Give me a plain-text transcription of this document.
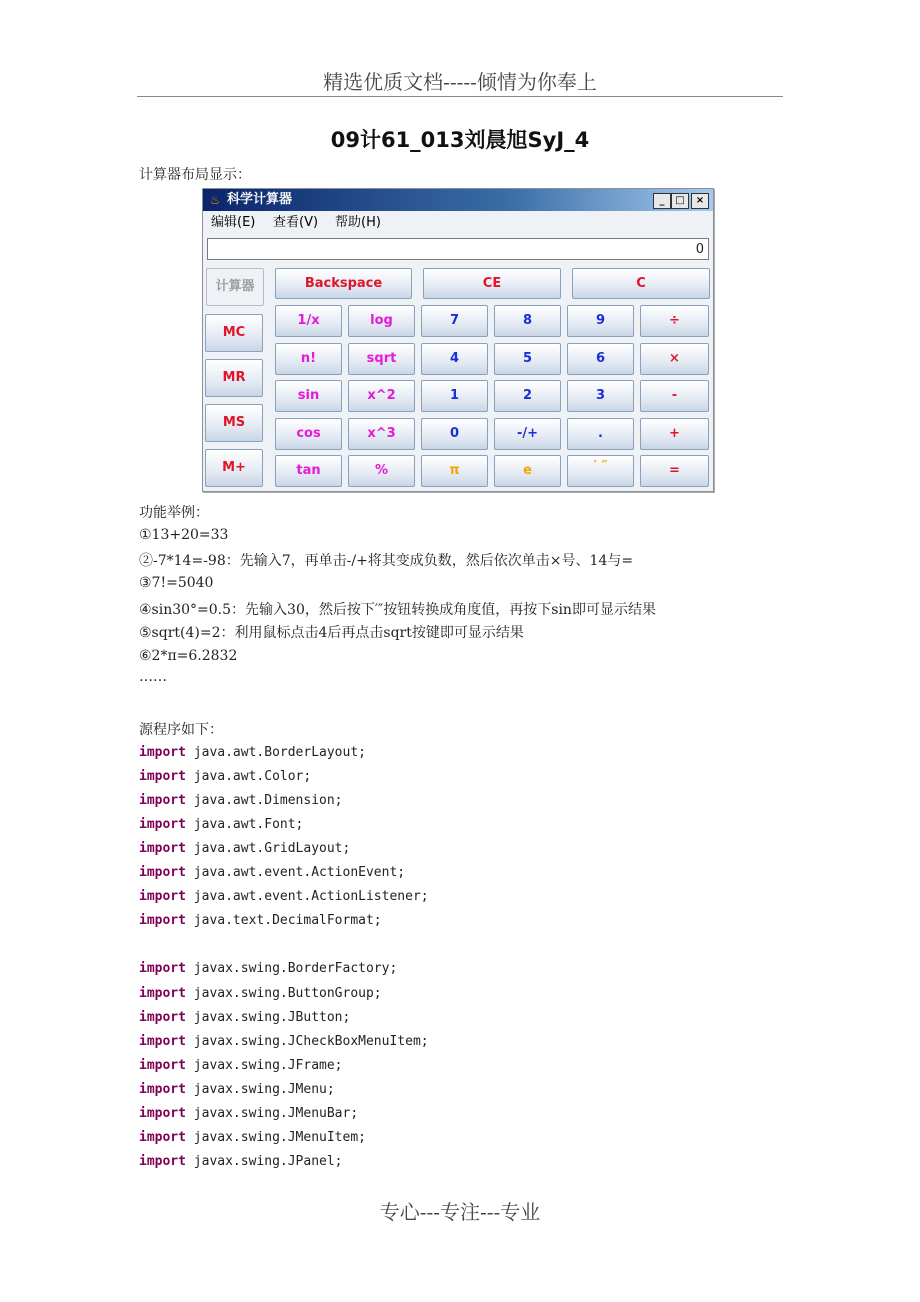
精选优质文档-----倾情为你奉上
09计61_013刘晨旭SyJ_4
计算器布局显示：
♨ 科学计算器	_	□	×
编辑(E) 查看(V) 帮助(H)
0
计算器
MC
MR
MS
M+
Backspace	CE	C
1/x	log	7	8	9	÷
n!	sqrt	4	5	6	×
sin	x^2	1	2	3	-
cos	x^3	0	-/+	.	+
tan	%	π	e	′ ″	=
功能举例：
①13+20=33
②-7*14=-98：先输入7，再单击-/+将其变成负数，然后依次单击×号、14与=
③7!=5040
④sin30°=0.5：先输入30，然后按下′″按钮转换成角度值，再按下sin即可显示结果
⑤sqrt(4)=2：利用鼠标点击4后再点击sqrt按键即可显示结果
⑥2*π=6.2832
……
源程序如下：
import java.awt.BorderLayout;
import java.awt.Color;
import java.awt.Dimension;
import java.awt.Font;
import java.awt.GridLayout;
import java.awt.event.ActionEvent;
import java.awt.event.ActionListener;
import java.text.DecimalFormat;
import javax.swing.BorderFactory;
import javax.swing.ButtonGroup;
import javax.swing.JButton;
import javax.swing.JCheckBoxMenuItem;
import javax.swing.JFrame;
import javax.swing.JMenu;
import javax.swing.JMenuBar;
import javax.swing.JMenuItem;
import javax.swing.JPanel;
专心---专注---专业
